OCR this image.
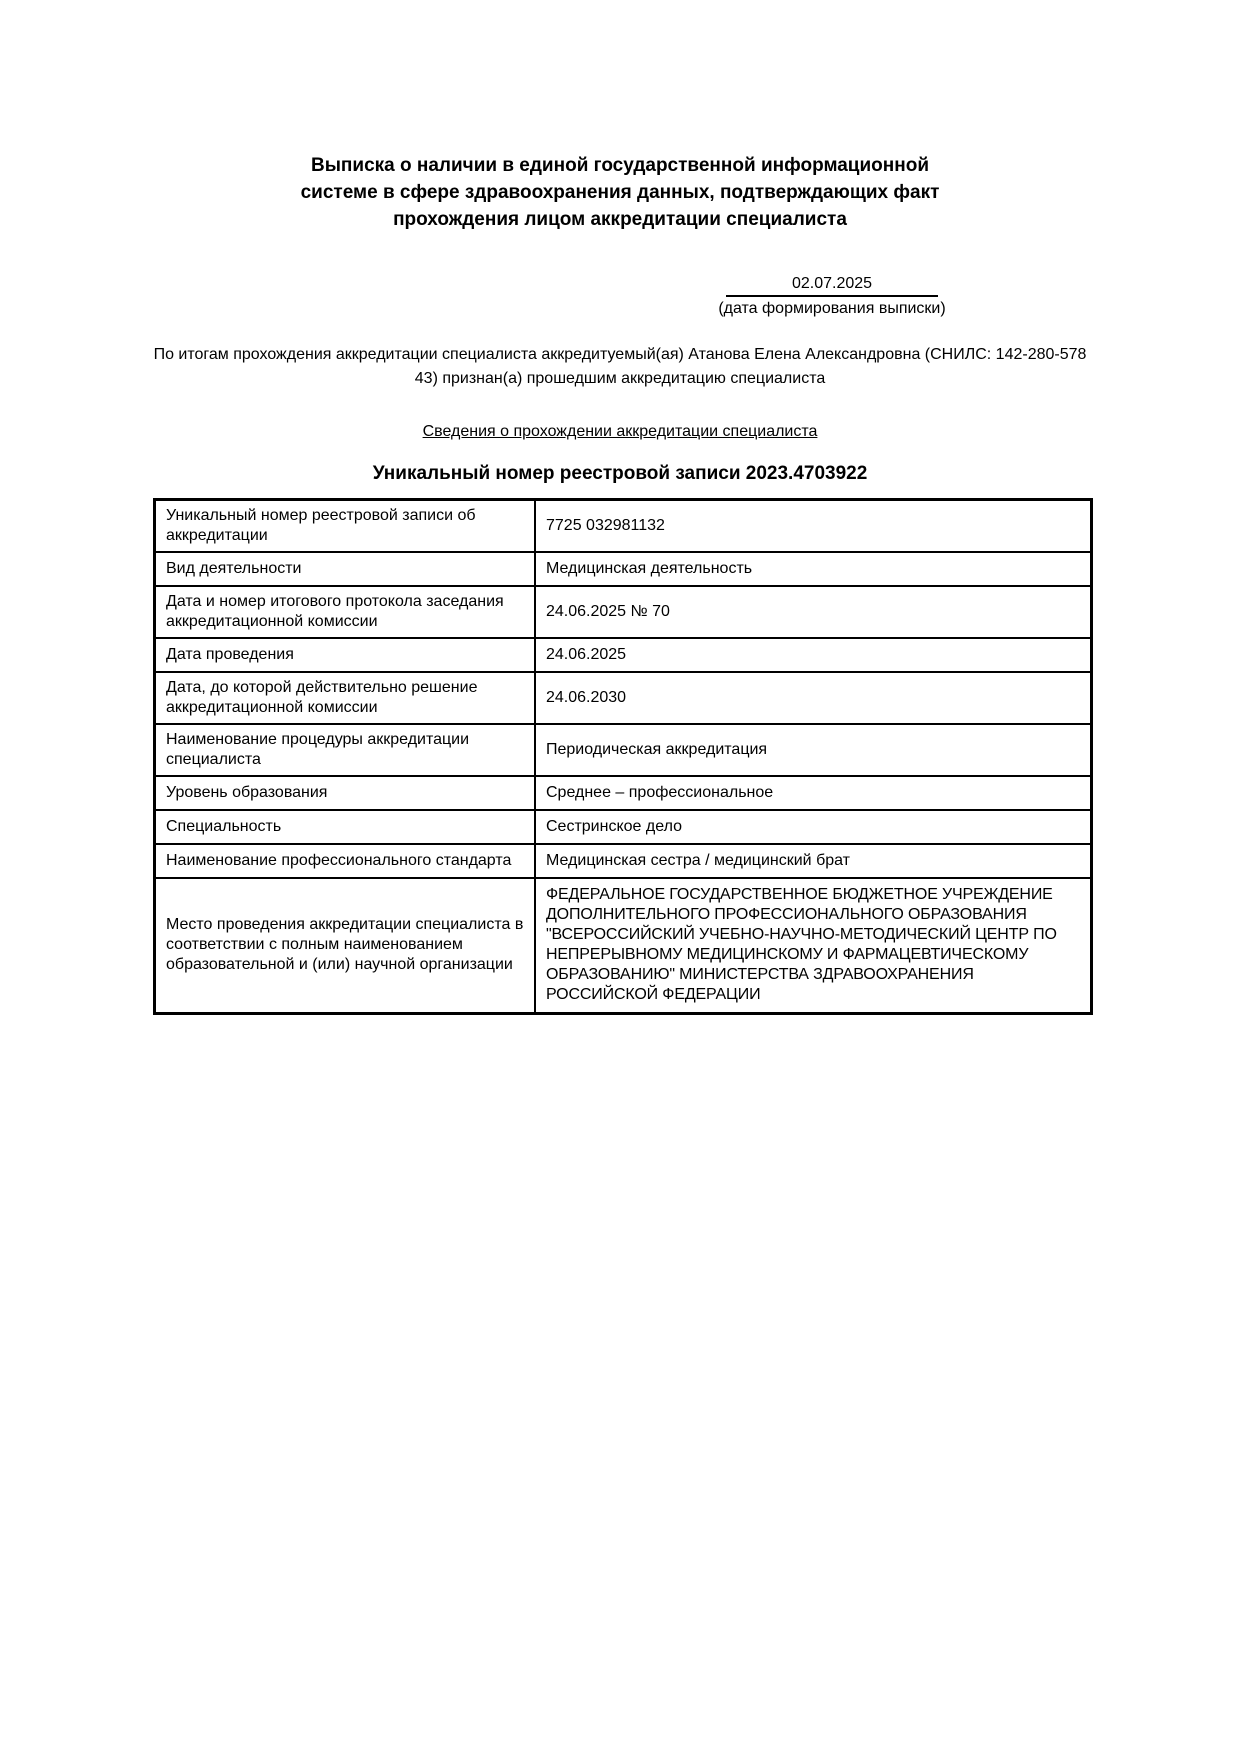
Выписка о наличии в единой государственной информационной
системе в сфере здравоохранения данных, подтверждающих факт
прохождения лицом аккредитации специалиста
02.07.2025
(дата формирования выписки)

По итогам прохождения аккредитации специалиста аккредитуемый(ая) Атанова Елена Александровна (СНИЛС: 142-280-578 43) признан(а) прошедшим аккредитацию специалиста

Сведения о прохождении аккредитации специалиста
Уникальный номер реестровой записи 2023.4703922
Уникальный номер реестровой записи об аккредитации	7725 032981132
Вид деятельности	Медицинская деятельность
Дата и номер итогового протокола заседания аккредитационной комиссии	24.06.2025 № 70
Дата проведения	24.06.2025
Дата, до которой действительно решение аккредитационной комиссии	24.06.2030
Наименование процедуры аккредитации специалиста	Периодическая аккредитация
Уровень образования	Среднее – профессиональное
Специальность	Сестринское дело
Наименование профессионального стандарта	Медицинская сестра / медицинский брат
Место проведения аккредитации специалиста в соответствии с полным наименованием образовательной и (или) научной организации	ФЕДЕРАЛЬНОЕ ГОСУДАРСТВЕННОЕ БЮДЖЕТНОЕ УЧРЕЖДЕНИЕ ДОПОЛНИТЕЛЬНОГО ПРОФЕССИОНАЛЬНОГО ОБРАЗОВАНИЯ "ВСЕРОССИЙСКИЙ УЧЕБНО-НАУЧНО-МЕТОДИЧЕСКИЙ ЦЕНТР ПО НЕПРЕРЫВНОМУ МЕДИЦИНСКОМУ И ФАРМАЦЕВТИЧЕСКОМУ ОБРАЗОВАНИЮ" МИНИСТЕРСТВА ЗДРАВООХРАНЕНИЯ РОССИЙСКОЙ ФЕДЕРАЦИИ
